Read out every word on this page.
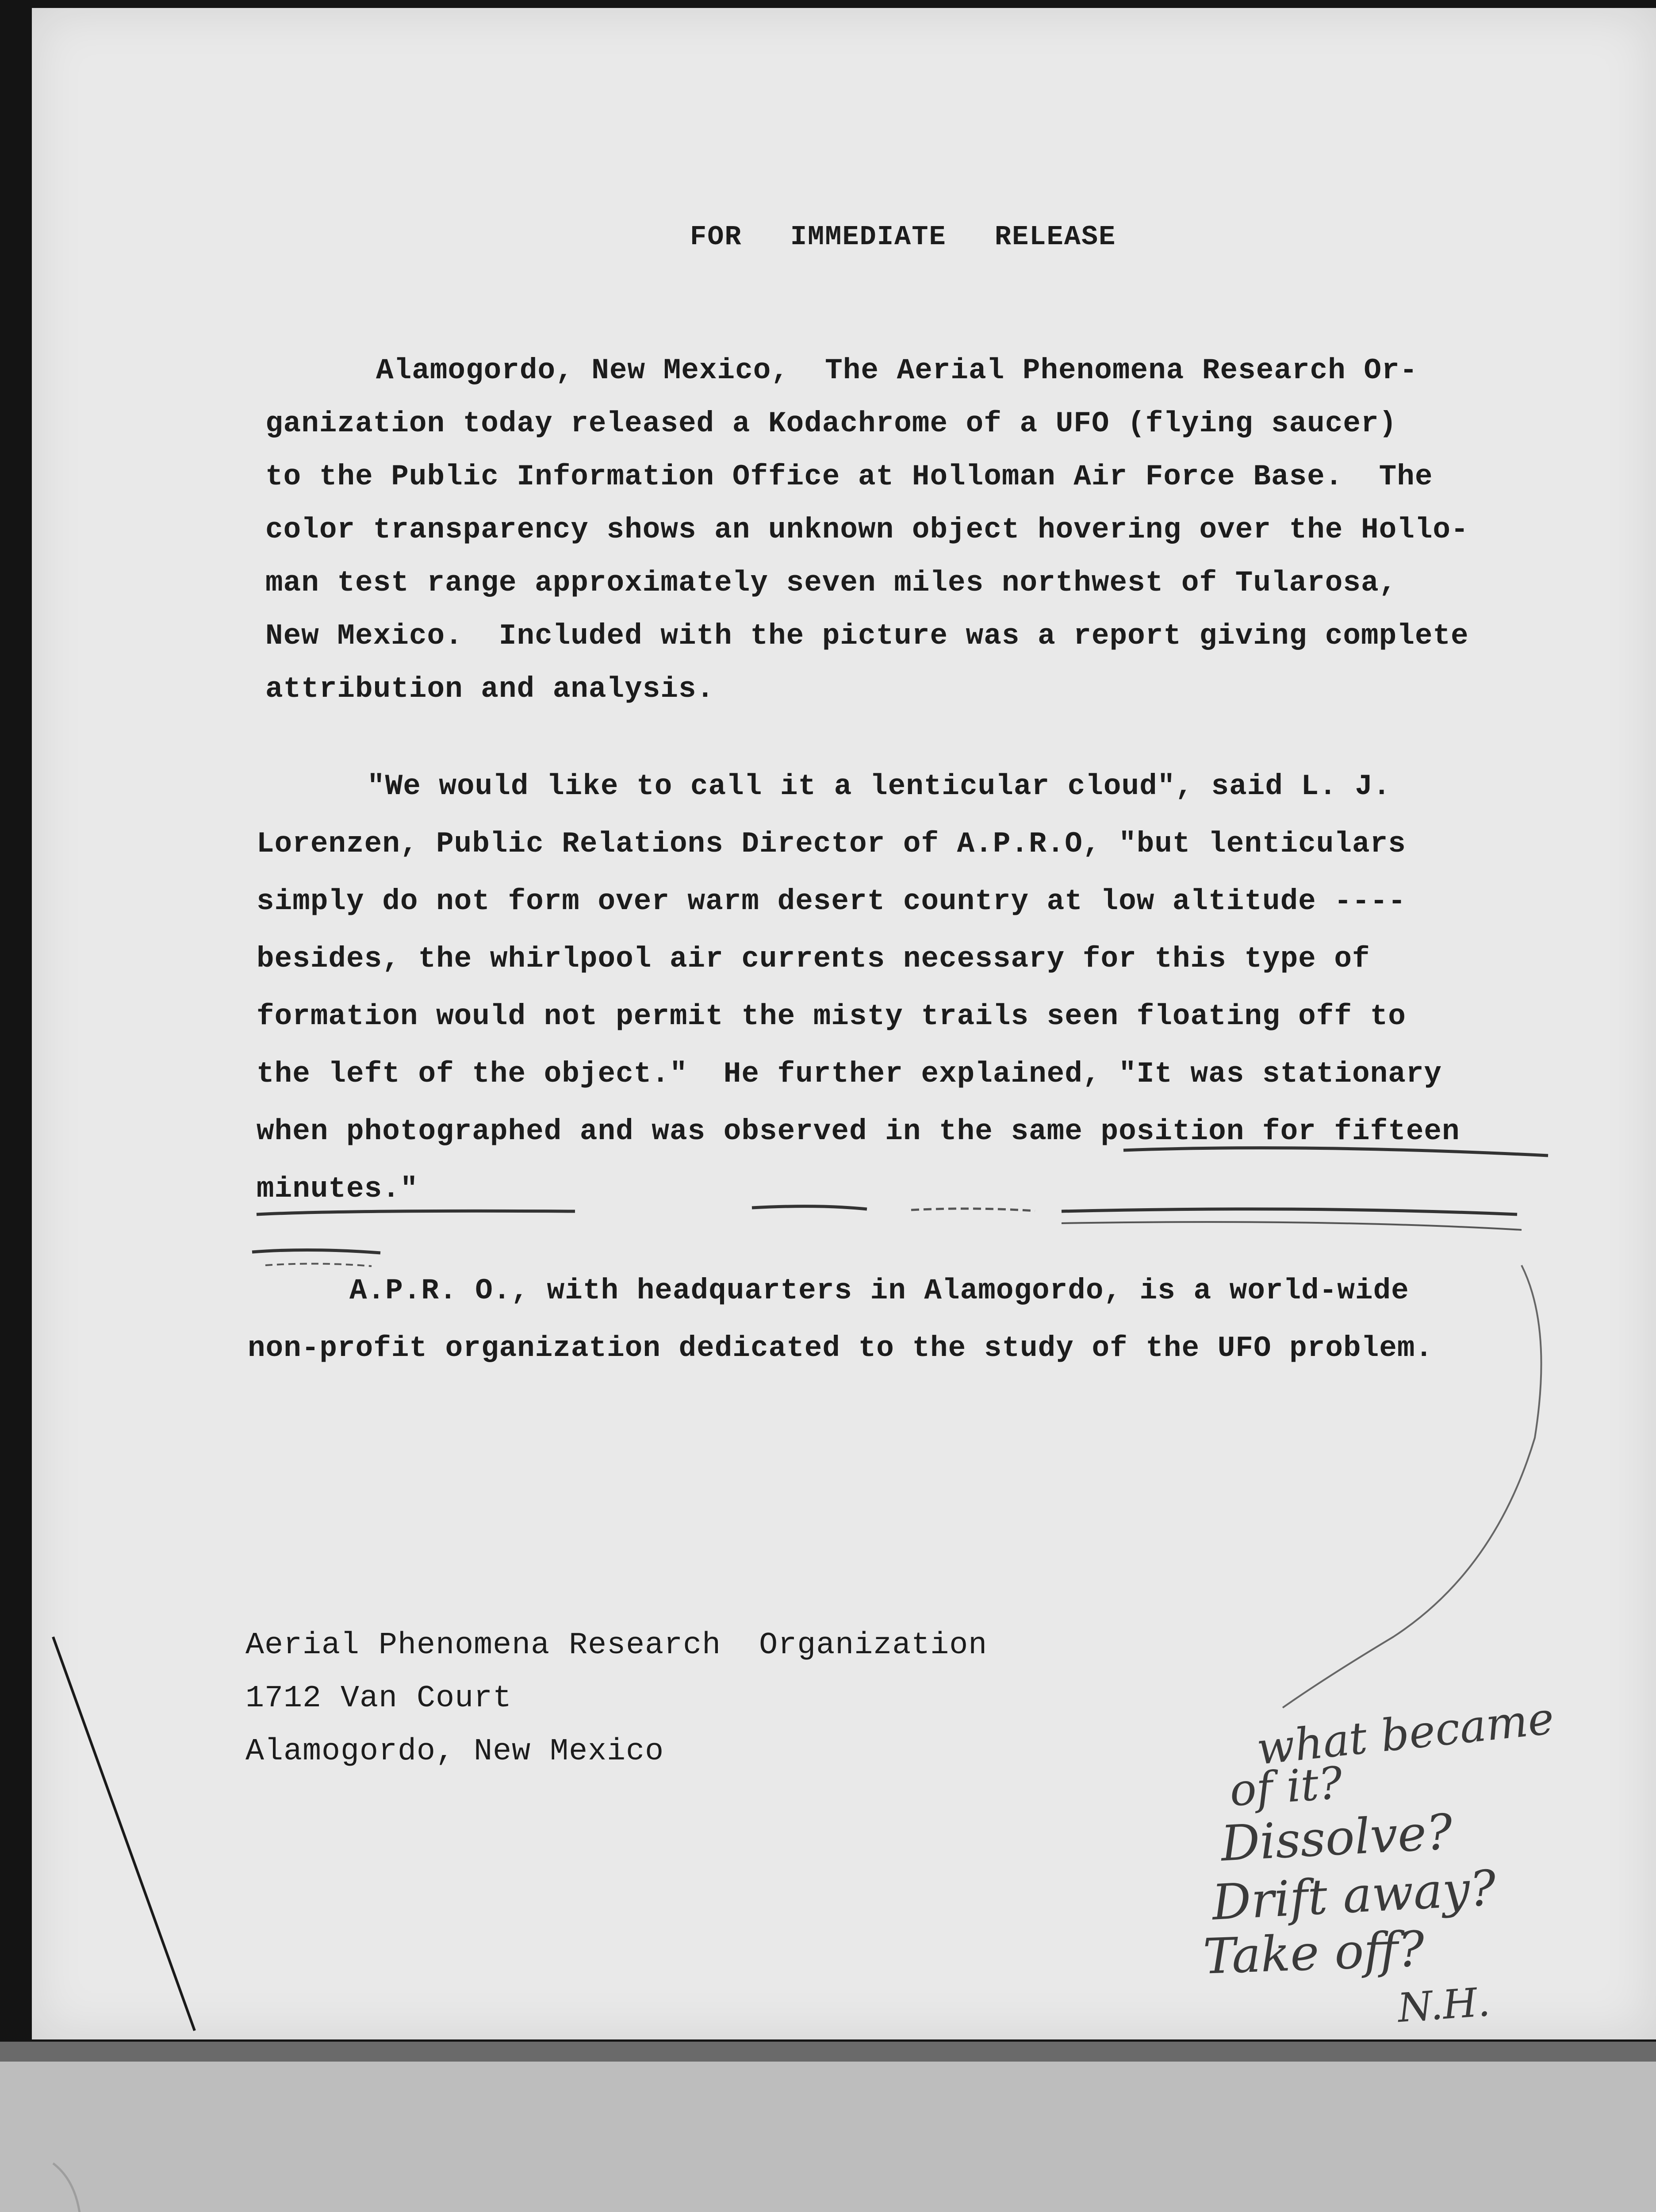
FOR IMMEDIATE RELEASE
Alamogordo, New Mexico,  The Aerial Phenomena Research Or-
ganization today released a Kodachrome of a UFO (flying saucer)
to the Public Information Office at Holloman Air Force Base.  The
color transparency shows an unknown object hovering over the Hollo-
man test range approximately seven miles northwest of Tularosa,
New Mexico.  Included with the picture was a report giving complete
attribution and analysis.
"We would like to call it a lenticular cloud", said L. J.
Lorenzen, Public Relations Director of A.P.R.O, "but lenticulars
simply do not form over warm desert country at low altitude ----
besides, the whirlpool air currents necessary for this type of
formation would not permit the misty trails seen floating off to
the left of the object."  He further explained, "It was stationary
when photographed and was observed in the same position for fifteen
minutes."
A.P.R. O., with headquarters in Alamogordo, is a world-wide
non-profit organization dedicated to the study of the UFO problem.
Aerial Phenomena Research  Organization
1712 Van Court
Alamogordo, New Mexico	what became
of it?
Dissolve?
Drift away?
Take off?
N.H.
